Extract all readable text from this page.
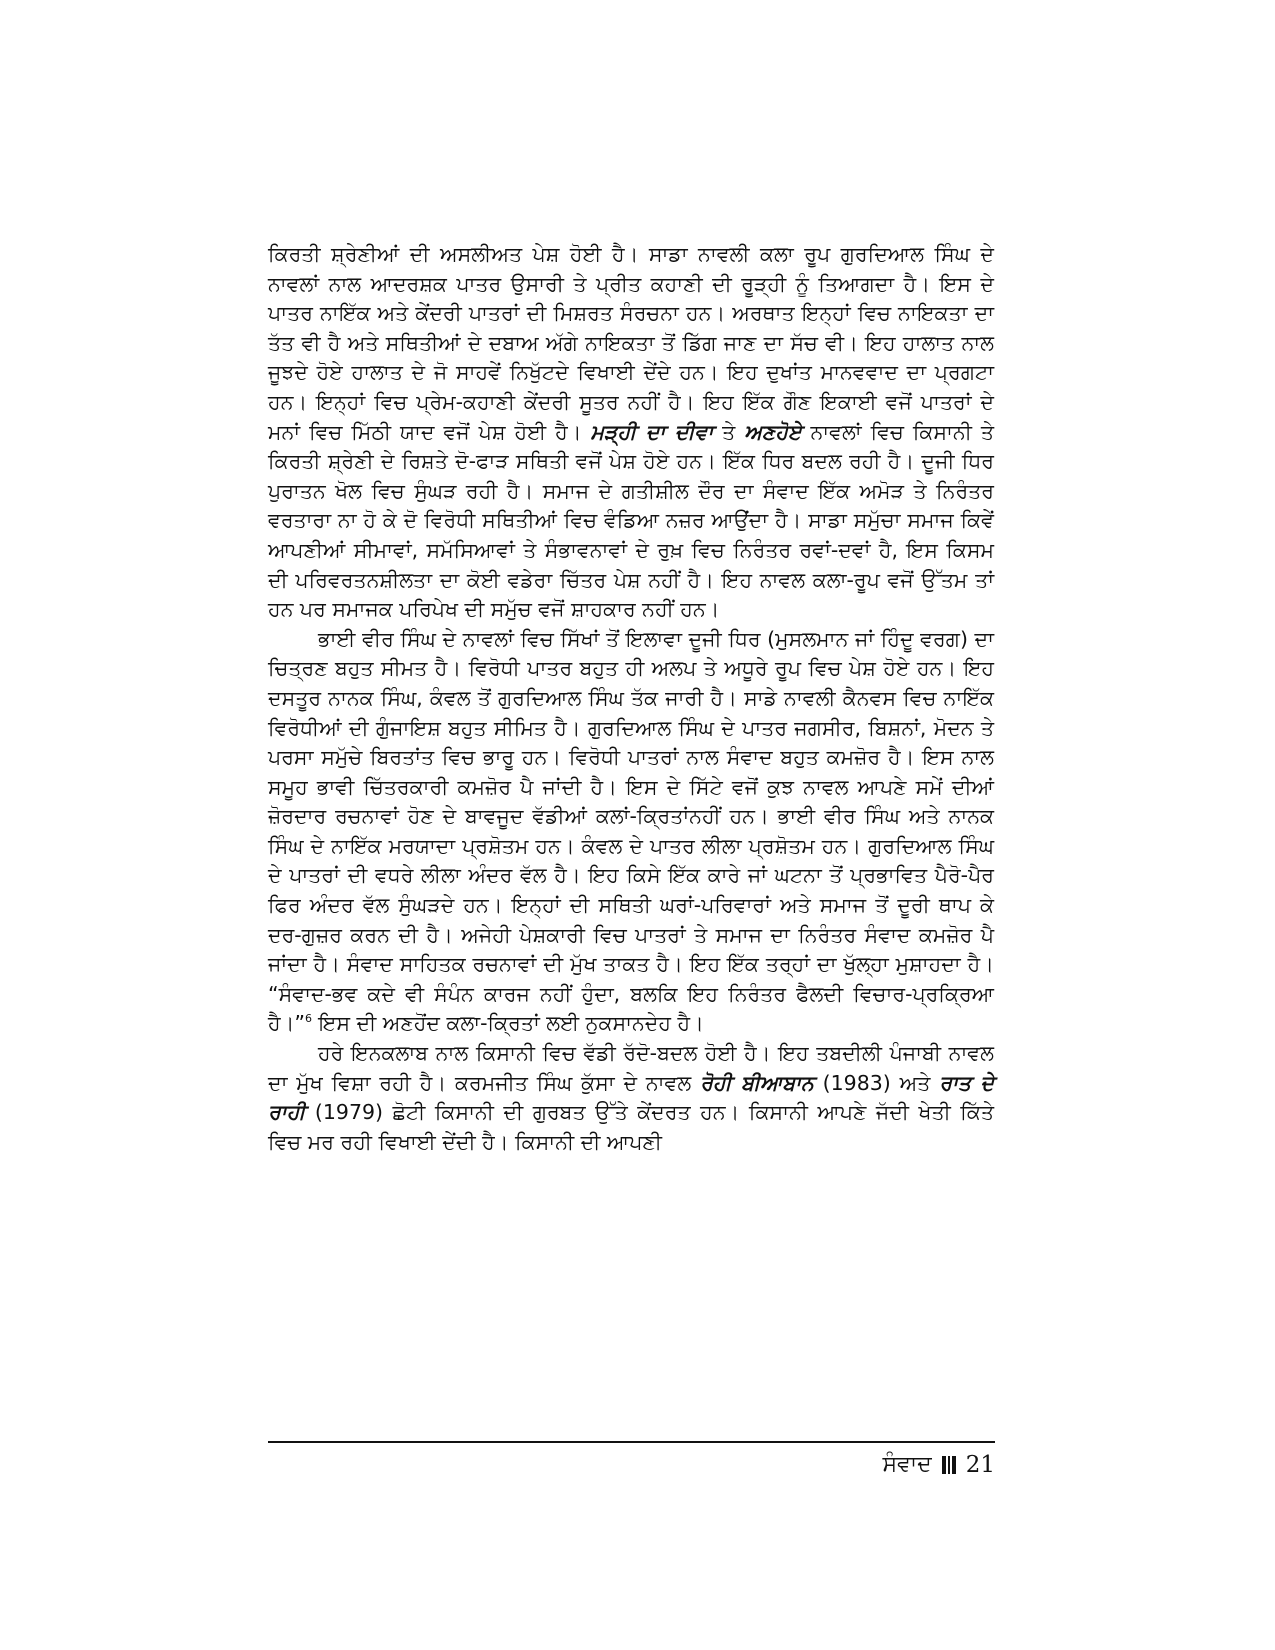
ਕਿਰਤੀ ਸ਼੍ਰੇਣੀਆਂ ਦੀ ਅਸਲੀਅਤ ਪੇਸ਼ ਹੋਈ ਹੈ। ਸਾਡਾ ਨਾਵਲੀ ਕਲਾ ਰੂਪ ਗੁਰਦਿਆਲ ਸਿੰਘ ਦੇ ਨਾਵਲਾਂ ਨਾਲ ਆਦਰਸ਼ਕ ਪਾਤਰ ਉਸਾਰੀ ਤੇ ਪ੍ਰੀਤ ਕਹਾਣੀ ਦੀ ਰੂੜ੍ਹੀ ਨੂੰ ਤਿਆਗਦਾ ਹੈ। ਇਸ ਦੇ ਪਾਤਰ ਨਾਇੱਕ ਅਤੇ ਕੇਂਦਰੀ ਪਾਤਰਾਂ ਦੀ ਮਿਸ਼ਰਤ ਸੰਰਚਨਾ ਹਨ। ਅਰਥਾਤ ਇਨ੍ਹਾਂ ਵਿਚ ਨਾਇਕਤਾ ਦਾ ਤੱਤ ਵੀ ਹੈ ਅਤੇ ਸਥਿਤੀਆਂ ਦੇ ਦਬਾਅ ਅੱਗੇ ਨਾਇਕਤਾ ਤੋਂ ਡਿੱਗ ਜਾਣ ਦਾ ਸੱਚ ਵੀ। ਇਹ ਹਾਲਾਤ ਨਾਲ ਜੂਝਦੇ ਹੋਏ ਹਾਲਾਤ ਦੇ ਜੋ ਸਾਹਵੇਂ ਨਿਖੁੱਟਦੇ ਵਿਖਾਈ ਦੇਂਦੇ ਹਨ। ਇਹ ਦੁਖਾਂਤ ਮਾਨਵਵਾਦ ਦਾ ਪ੍ਰਗਟਾ ਹਨ। ਇਨ੍ਹਾਂ ਵਿਚ ਪ੍ਰੇਮ-ਕਹਾਣੀ ਕੇਂਦਰੀ ਸੂਤਰ ਨਹੀਂ ਹੈ। ਇਹ ਇੱਕ ਗੌਣ ਇਕਾਈ ਵਜੋਂ ਪਾਤਰਾਂ ਦੇ ਮਨਾਂ ਵਿਚ ਮਿੱਠੀ ਯਾਦ ਵਜੋਂ ਪੇਸ਼ ਹੋਈ ਹੈ। ਮੜ੍ਹੀ ਦਾ ਦੀਵਾ ਤੇ ਅਣਹੋਏ ਨਾਵਲਾਂ ਵਿਚ ਕਿਸਾਨੀ ਤੇ ਕਿਰਤੀ ਸ਼੍ਰੇਣੀ ਦੇ ਰਿਸ਼ਤੇ ਦੋ-ਫਾੜ ਸਥਿਤੀ ਵਜੋਂ ਪੇਸ਼ ਹੋਏ ਹਨ। ਇੱਕ ਧਿਰ ਬਦਲ ਰਹੀ ਹੈ। ਦੂਜੀ ਧਿਰ ਪੁਰਾਤਨ ਖੋਲ ਵਿਚ ਸੁੰਘੜ ਰਹੀ ਹੈ। ਸਮਾਜ ਦੇ ਗਤੀਸ਼ੀਲ ਦੌਰ ਦਾ ਸੰਵਾਦ ਇੱਕ ਅਮੋੜ ਤੇ ਨਿਰੰਤਰ ਵਰਤਾਰਾ ਨਾ ਹੋ ਕੇ ਦੋ ਵਿਰੋਧੀ ਸਥਿਤੀਆਂ ਵਿਚ ਵੰਡਿਆ ਨਜ਼ਰ ਆਉਂਦਾ ਹੈ। ਸਾਡਾ ਸਮੁੱਚਾ ਸਮਾਜ ਕਿਵੇਂ ਆਪਣੀਆਂ ਸੀਮਾਵਾਂ, ਸਮੱਸਿਆਵਾਂ ਤੇ ਸੰਭਾਵਨਾਵਾਂ ਦੇ ਰੁਖ਼ ਵਿਚ ਨਿਰੰਤਰ ਰਵਾਂ-ਦਵਾਂ ਹੈ, ਇਸ ਕਿਸਮ ਦੀ ਪਰਿਵਰਤਨਸ਼ੀਲਤਾ ਦਾ ਕੋਈ ਵਡੇਰਾ ਚਿੱਤਰ ਪੇਸ਼ ਨਹੀਂ ਹੈ। ਇਹ ਨਾਵਲ ਕਲਾ-ਰੂਪ ਵਜੋਂ ਉੱਤਮ ਤਾਂ ਹਨ ਪਰ ਸਮਾਜਕ ਪਰਿਪੇਖ ਦੀ ਸਮੁੱਚ ਵਜੋਂ ਸ਼ਾਹਕਾਰ ਨਹੀਂ ਹਨ।

ਭਾਈ ਵੀਰ ਸਿੰਘ ਦੇ ਨਾਵਲਾਂ ਵਿਚ ਸਿੱਖਾਂ ਤੋਂ ਇਲਾਵਾ ਦੂਜੀ ਧਿਰ (ਮੁਸਲਮਾਨ ਜਾਂ ਹਿੰਦੂ ਵਰਗ) ਦਾ ਚਿਤ੍ਰਣ ਬਹੁਤ ਸੀਮਤ ਹੈ। ਵਿਰੋਧੀ ਪਾਤਰ ਬਹੁਤ ਹੀ ਅਲਪ ਤੇ ਅਧੂਰੇ ਰੂਪ ਵਿਚ ਪੇਸ਼ ਹੋਏ ਹਨ। ਇਹ ਦਸਤੂਰ ਨਾਨਕ ਸਿੰਘ, ਕੰਵਲ ਤੋਂ ਗੁਰਦਿਆਲ ਸਿੰਘ ਤੱਕ ਜਾਰੀ ਹੈ। ਸਾਡੇ ਨਾਵਲੀ ਕੈਨਵਸ ਵਿਚ ਨਾਇੱਕ ਵਿਰੋਧੀਆਂ ਦੀ ਗੁੰਜਾਇਸ਼ ਬਹੁਤ ਸੀਮਿਤ ਹੈ। ਗੁਰਦਿਆਲ ਸਿੰਘ ਦੇ ਪਾਤਰ ਜਗਸੀਰ, ਬਿਸ਼ਨਾਂ, ਮੋਦਨ ਤੇ ਪਰਸਾ ਸਮੁੱਚੇ ਬਿਰਤਾਂਤ ਵਿਚ ਭਾਰੂ ਹਨ। ਵਿਰੋਧੀ ਪਾਤਰਾਂ ਨਾਲ ਸੰਵਾਦ ਬਹੁਤ ਕਮਜ਼ੋਰ ਹੈ। ਇਸ ਨਾਲ ਸਮੂਹ ਭਾਵੀ ਚਿੱਤਰਕਾਰੀ ਕਮਜ਼ੋਰ ਪੈ ਜਾਂਦੀ ਹੈ। ਇਸ ਦੇ ਸਿੱਟੇ ਵਜੋਂ ਕੁਝ ਨਾਵਲ ਆਪਣੇ ਸਮੇਂ ਦੀਆਂ ਜ਼ੋਰਦਾਰ ਰਚਨਾਵਾਂ ਹੋਣ ਦੇ ਬਾਵਜੂਦ ਵੱਡੀਆਂ ਕਲਾਂ-ਕ੍ਰਿਤਾਂਨਹੀਂ ਹਨ। ਭਾਈ ਵੀਰ ਸਿੰਘ ਅਤੇ ਨਾਨਕ ਸਿੰਘ ਦੇ ਨਾਇੱਕ ਮਰਯਾਦਾ ਪ੍ਰਸ਼ੋਤਮ ਹਨ। ਕੰਵਲ ਦੇ ਪਾਤਰ ਲੀਲਾ ਪ੍ਰਸ਼ੋਤਮ ਹਨ। ਗੁਰਦਿਆਲ ਸਿੰਘ ਦੇ ਪਾਤਰਾਂ ਦੀ ਵਧਰੇ ਲੀਲਾ ਅੰਦਰ ਵੱਲ ਹੈ। ਇਹ ਕਿਸੇ ਇੱਕ ਕਾਰੇ ਜਾਂ ਘਟਨਾ ਤੋਂ ਪ੍ਰਭਾਵਿਤ ਪੈਰੋ-ਪੈਰ ਫਿਰ ਅੰਦਰ ਵੱਲ ਸੁੰਘੜਦੇ ਹਨ। ਇਨ੍ਹਾਂ ਦੀ ਸਥਿਤੀ ਘਰਾਂ-ਪਰਿਵਾਰਾਂ ਅਤੇ ਸਮਾਜ ਤੋਂ ਦੂਰੀ ਥਾਪ ਕੇ ਦਰ-ਗੁਜ਼ਰ ਕਰਨ ਦੀ ਹੈ। ਅਜੇਹੀ ਪੇਸ਼ਕਾਰੀ ਵਿਚ ਪਾਤਰਾਂ ਤੇ ਸਮਾਜ ਦਾ ਨਿਰੰਤਰ ਸੰਵਾਦ ਕਮਜ਼ੋਰ ਪੈ ਜਾਂਦਾ ਹੈ। ਸੰਵਾਦ ਸਾਹਿਤਕ ਰਚਨਾਵਾਂ ਦੀ ਮੁੱਖ ਤਾਕਤ ਹੈ। ਇਹ ਇੱਕ ਤਰ੍ਹਾਂ ਦਾ ਖੁੱਲ੍ਹਾ ਮੁਸ਼ਾਹਦਾ ਹੈ। “ਸੰਵਾਦ-ਭਵ ਕਦੇ ਵੀ ਸੰਪੰਨ ਕਾਰਜ ਨਹੀਂ ਹੁੰਦਾ, ਬਲਕਿ ਇਹ ਨਿਰੰਤਰ ਫੈਲਦੀ ਵਿਚਾਰ-ਪ੍ਰਕ੍ਰਿਆ ਹੈ।”$^6$ ਇਸ ਦੀ ਅਣਹੋਂਦ ਕਲਾ-ਕ੍ਰਿਤਾਂ ਲਈ ਨੁਕਸਾਨਦੇਹ ਹੈ।

ਹਰੇ ਇਨਕਲਾਬ ਨਾਲ ਕਿਸਾਨੀ ਵਿਚ ਵੱਡੀ ਰੱਦੋ-ਬਦਲ ਹੋਈ ਹੈ। ਇਹ ਤਬਦੀਲੀ ਪੰਜਾਬੀ ਨਾਵਲ ਦਾ ਮੁੱਖ ਵਿਸ਼ਾ ਰਹੀ ਹੈ। ਕਰਮਜੀਤ ਸਿੰਘ ਕੁੱਸਾ ਦੇ ਨਾਵਲ ਰੋਹੀ ਬੀਆਬਾਨ (1983) ਅਤੇ ਰਾਤ ਦੇ ਰਾਹੀ (1979) ਛੋਟੀ ਕਿਸਾਨੀ ਦੀ ਗੁਰਬਤ ਉੱਤੇ ਕੇਂਦਰਤ ਹਨ। ਕਿਸਾਨੀ ਆਪਣੇ ਜੱਦੀ ਖੇਤੀ ਕਿੱਤੇ ਵਿਚ ਮਰ ਰਹੀ ਵਿਖਾਈ ਦੇਂਦੀ ਹੈ। ਕਿਸਾਨੀ ਦੀ ਆਪਣੀ

ਸੰਵਾਦ 21
